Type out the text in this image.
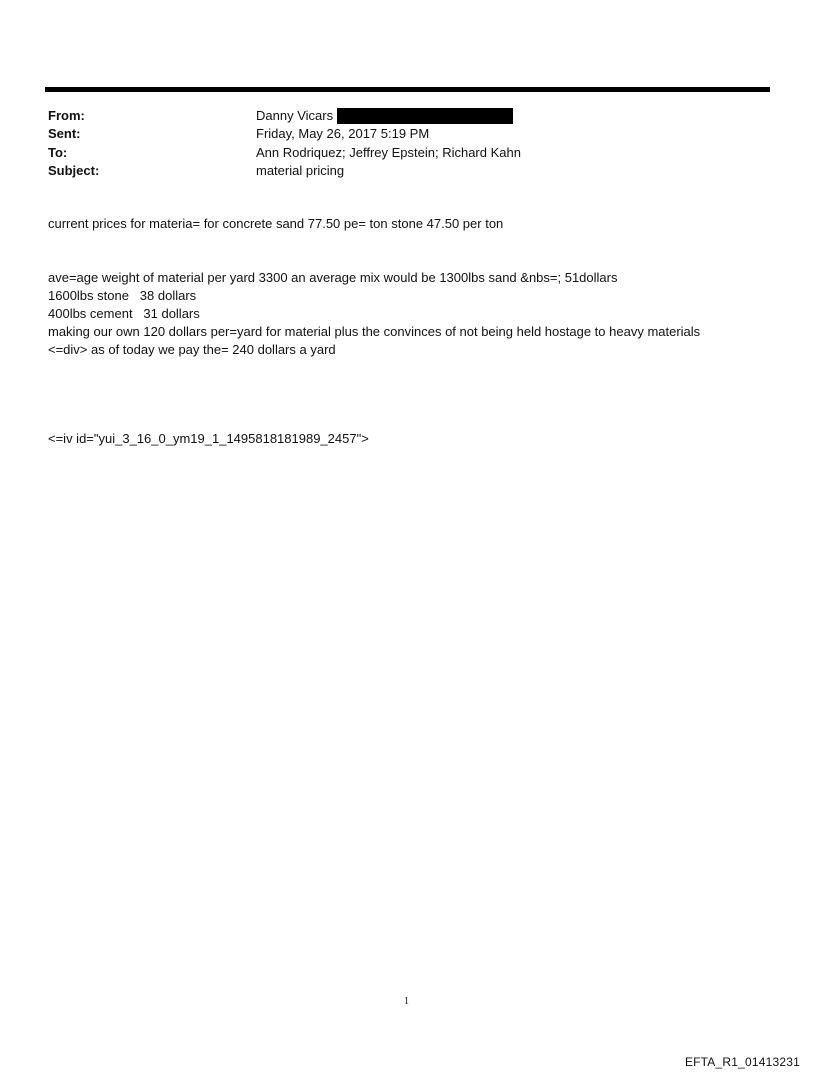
From:	Danny Vicars
Sent:	Friday, May 26, 2017 5:19 PM
To:	Ann Rodriquez; Jeffrey Epstein; Richard Kahn
Subject:	material pricing
current prices for materia= for concrete sand 77.50 pe= ton stone 47.50 per ton
ave=age weight of material per yard 3300 an average mix would be 1300lbs sand &nbs=; 51dollars
1600lbs stone   38 dollars
400lbs cement   31 dollars
making our own 120 dollars per=yard for material plus the convinces of not being held hostage to heavy materials
<=div> as of today we pay the= 240 dollars a yard
<=iv id="yui_3_16_0_ym19_1_1495818181989_2457">
1
EFTA_R1_01413231
